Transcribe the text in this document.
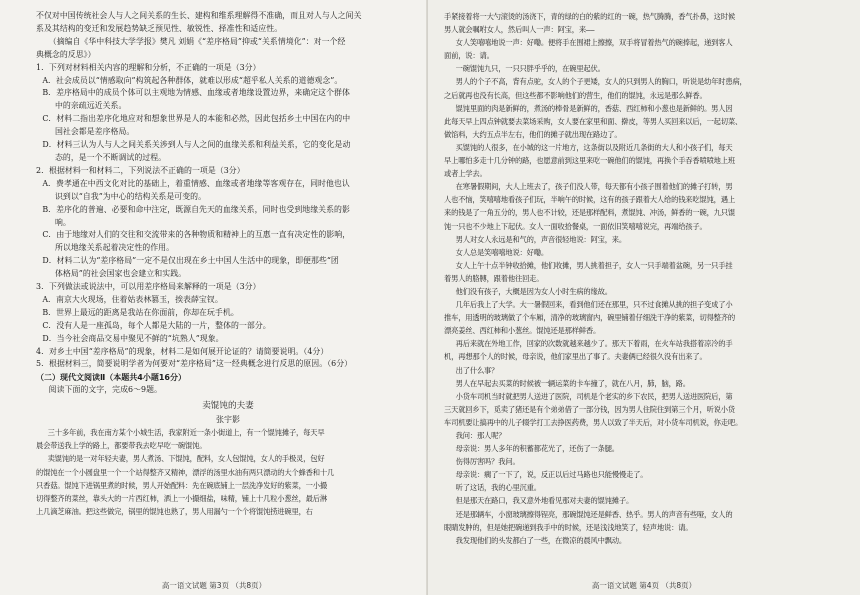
不仅对中国传统社会人与人之间关系的生长、建构和维系理解得不准确，而且对人与人之间关

系及其结构的变迁和发展趋势缺乏预见性、敏锐性、择准性和适应性。

（摘编自《华中科技大学学报》樊凡 刘娟《“差序格局”抑或“关系情境化”：对一个经

典概念的反思》）

1．下列对材料相关内容的理解和分析，不正确的一项是（3分）

A．社会成员以“情感取向”构筑起各种群体，就难以形成“超乎私人关系的道德观念”。

B．差序格局中的成员个体可以主观地为情感、血缘或者地缘设置边界，来确定这个群体

中的亲疏远近关系。

C．材料二指出差序化地应对和想象世界是人的本能和必然，因此包括乡土中国在内的中

国社会都是差序格局。

D．材料三认为人与人之间关系关涉到人与人之间的血缘关系和利益关系，它的变化是动

态的，是一个不断调试的过程。

2．根据材料一和材料二，下列说法不正确的一项是（3分）

A．费孝通在中西文化对比的基础上，着重情感、血缘或者地缘等客观存在，同时他也认

识到以“自我”为中心的结构关系是可变的。

B．差序化的普遍、必要和命中注定，既源自先天的血缘关系，同时也受到地缘关系的影

响。

C．由于地缘对人们的交往和交流带来的各种物质和精神上的互惠一直有决定性的影响，

所以地缘关系起着决定性的作用。

D．材料二认为“差序格局”一定不是仅出现在乡土中国人生活中的现象，即便那些“团

体格局”的社会国家也会建立和实践。

3．下列做法或说法中，可以用差序格局来解释的一项是（3分）

A．南京大火现场，住着姑表林篡玉，挨表薛宝钗。

B．世界上最远的距离是我站在你面前，你却在玩手机。

C．没有人是一座孤岛，每个人都是大陆的一片，整体的一部分。

D．当今社会商品交易中聚见不鲜的“坑熟人”现象。

4．对乡土中国“差序格局”的现象，材料二是如何展开论证的？请简要说明。（4分）

5．根据材料三，简要说明学者为何要对“差序格局”这一经典概念进行反思的原因。（6分）

（二）现代文阅读Ⅱ（本题共4小题16分）

阅读下面的文字，完成6～9题。

卖馄饨的夫妻

张宇影

三十多年前，我在南方某个小城生活，我家附近一条小街道上，有一个馄饨摊子，每天早

晨会带送我上学的路上，都要带我去吃早吃一碗馄饨。

卖馄饨的是一对年轻夫妻，男人煮汤、下馄饨，配料，女人包馄饨，女人的手极灵，包好

的馄饨在一个小圆盘里一个一个站得整齐又精神，漂浮的汤里水油有两只漂动的大个蜂香和十几

只香菇。馄饨下进锅里煮的时候，男人开始配料：先在碗底铺上一层洗净发好的紫菜，一小撮

切得整齐的菜丝，靠头大的一片西红柿，洒上一小撮细盐，味精，铺上十几粒小葱丝，最后淋

上几滴芝麻油。把这些做完，锅里的馄饨也熟了，男人用漏勺一个个将馄饨捞进碗里，右

高一语文试题 第3页 （共8页）

手紧接着将一大勺滚烫的汤浇下，青的绿的白的紫的红的一碗，热气腾腾，香气扑鼻，这时候

男人就会嘱咐女人，然后叫人一声：阿宝，来——

女人笑嘻嘻地说一声：好嘞。便将手在围裙上擦擦，双手将冒着热气的碗捧起，递到客人

面前，说：请。

一碗馄饨九只，一只只胖乎乎的，在碗里起伏。

男人的个子不高，背有点驼，女人的个子更矮，女人的只到男人的胸口，听说是幼年时患病，

之后就再也没有长高，但这些都不影响他们的营生，他们的馄饨，永远是那么鲜香。

馄饨里面的肉是新鲜的，煮汤的棒骨是新鲜的，香菇、西红柿和小葱也是新鲜的。男人因

此每天早上四点钟就要去菜场采购，女人要在家里和面、擀皮，等男人买回来以后，一起切菜、

做馅料，大约五点半左右，他们的摊子就出现在路边了。

买馄饨的人很多，在小城的这一片地方，这条街以及附近几条街的大人和小孩子们，每天

早上哪怕多走十几分钟的路，也愿意前到这里来吃一碗他们的馄饨，再换个手吞香喷喷地上班

或者上学去。

在寒暑假期间，大人上班去了，孩子们没人带，每天都有小孩子围着他们的摊子打转，男

人也不恼，笑嘻嘻地看孩子们玩，半响午的时候，这有的孩子跟着大人给的钱来吃馄饨，遇上

来的钱是了一角五分的，男人也不计较，还是那样配料，煮馄饨、冲汤，鲜香的一碗，九只馄

饨一只也不少地上下起伏。女人一面收拾餐桌，一面依旧笑嘻嘻说完，再端给孩子。

男人对女人永远是和气的，声音很轻地说：阿宝，来。

女人总是笑嘻嘻地说：好嘞。

女人上午十点半钟收拾摊，他们收摊，男人挑着担子，女人一只手端着盆碗，另一只手挂

着男人的胳膊，跟着他往回走。

他们没有孩子，大概是因为女人小时生病的缘故。

几年后我上了大学。大一暑假回来，看到他们还在那里，只不过食摊从挑的担子变成了小

推车，用透明的玻璃做了个车厢，清净的玻璃窗内，碗里铺着仔细洗干净的紫菜，切得整齐的

漂亮姜丝、西红柿和小葱丝。馄饨还是那样鲜香。

再后来就在外地工作，回家的次数就越来越少了。那天下着雨，在火车站我搭着凉冷的手

机，再想那个人的时候，母亲说，他们家里出了事了。夫妻俩已经很久没有出来了。

出了什么事？

男人在早起去买菜的时候被一辆运菜的卡车撞了，就在八月，肺，脑，路。

小货车司机当时就把男人送进了医院，司机是个老实的乡下农民，把男人送进医院后，第

三天就回乡下，觅卖了猪还是有个弟弟借了一部分钱，因为男人住院住到第三个月，听说小货

车司机要让搞再中的儿子辍学打工去挣医药费，男人以致了半天后，对小货车司机说，你走吧。

我问：那人呢？

母亲说：男人多年的积蓄都花光了，还伤了一条腿。

伤得厉害吗？我问。

母亲说：瘸了一下了，说，反正以后过马路也只能慢慢走了。

听了这话，我的心里沉重。

但是那天在路口，我又意外地看见那对夫妻的馄饨摊子。

还是那辆车，小窗玻璃擦得锃亮，那碗馄饨还是鲜香、热乎。男人的声音有些哑，女人的

眼睛发肿的，但是她把碗递到我手中的时候，还是浅浅地笑了，轻声地说：请。

我发现他们的头发都白了一些，在微凉的晨风中飘动。

高一语文试题 第4页 （共8页）
